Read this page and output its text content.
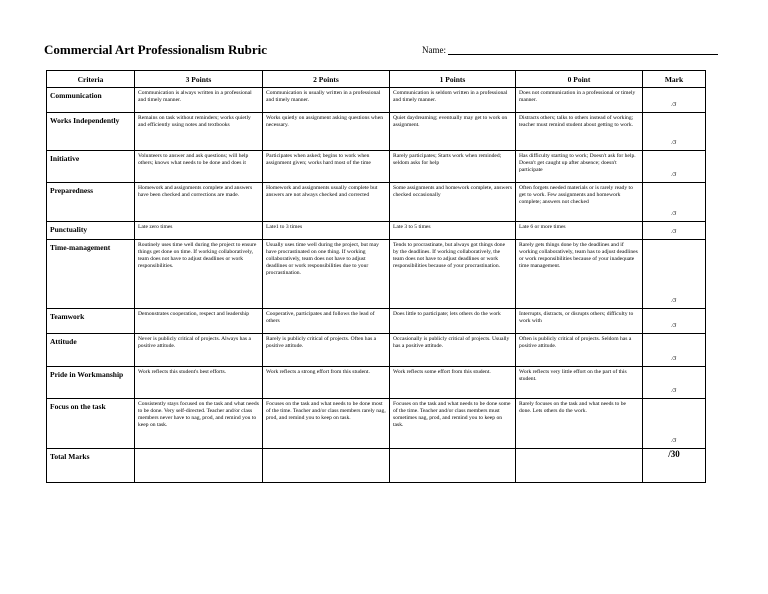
Commercial Art Professionalism Rubric	Name:
Criteria	3 Points	2 Points	1 Points	0 Point	Mark
Communication	Communication is always written in a professional and timely manner.	Communication is usually written in a professional and timely manner.	Communication is seldom written in a professional and timely manner.	Does not communication in a professional or timely manner.	/3
Works Independently	Remains on task without reminders; works quietly and efficiently using notes and textbooks	Works quietly on assignment asking questions when necessary.	Quiet daydreaming; eventually may get to work on assignment.	Distracts others; talks to others instead of working; teacher must remind student about getting to work.	/3
Initiative	Volunteers to answer and ask questions; will help others; knows what needs to be done and does it	Participates when asked; begins to work when assignment given; works hard most of the time	Rarely participates; Starts work when reminded; seldom asks for help	Has difficulty starting to work; Doesn't ask for help. Doesn't get caught up after absence; doesn't participate	/3
Preparedness	Homework and assignments complete and answers have been checked and corrections are made.	Homework and assignments usually complete but answers are not always checked and corrected	Some assignments and homework complete, answers checked occasionally	Often forgets needed materials or is rarely ready to get to work. Few assignments and homework complete; answers not checked	/3
Punctuality	Late zero times	Late1 to 3 times	Late 3 to 5 times	Late 6 or more times	/3
Time-management	Routinely uses time well during the project to ensure things get done on time. If working collaboratively, team does not have to adjust deadlines or work responsibilities.	Usually uses time well during the project, but may have procrastinated on one thing. If working collaboratively, team does not have to adjust deadlines or work responsibilities due to your procrastination.	Tends to procrastinate, but always got things done by the deadlines. If working collaboratively, the team does not have to adjust deadlines or work responsibilities because of your procrastination.	Rarely gets things done by the deadlines and if working collaboratively, team has to adjust deadlines or work responsibilities because of your inadequate time management.	/3
Teamwork	Demonstrates cooperation, respect and leadership	Cooperative, participates and follows the lead of others	Does little to participate; lets others do the work	Interrupts, distracts, or disrupts others; difficulty to work with	/3
Attitude	Never is publicly critical of projects. Always has a positive attitude.	Rarely is publicly critical of projects. Often has a positive attitude.	Occasionally is publicly critical of projects. Usually has a positive attitude.	Often is publicly critical of projects. Seldom has a positive attitude.	/3
Pride in Workmanship	Work reflects this student's best efforts.	Work reflects a strong effort from this student.	Work reflects some effort from this student.	Work reflects very little effort on the part of this student.	/3
Focus on the task	Consistently stays focused on the task and what needs to be done. Very self-directed. Teacher and/or class members never have to nag, prod, and remind you to keep on task.	Focuses on the task and what needs to be done most of the time. Teacher and/or class members rarely nag, prod, and remind you to keep on task.	Focuses on the task and what needs to be done some of the time. Teacher and/or class members must sometimes nag, prod, and remind you to keep on task.	Rarely focuses on the task and what needs to be done. Lets others do the work.	/3
Total Marks					/30
